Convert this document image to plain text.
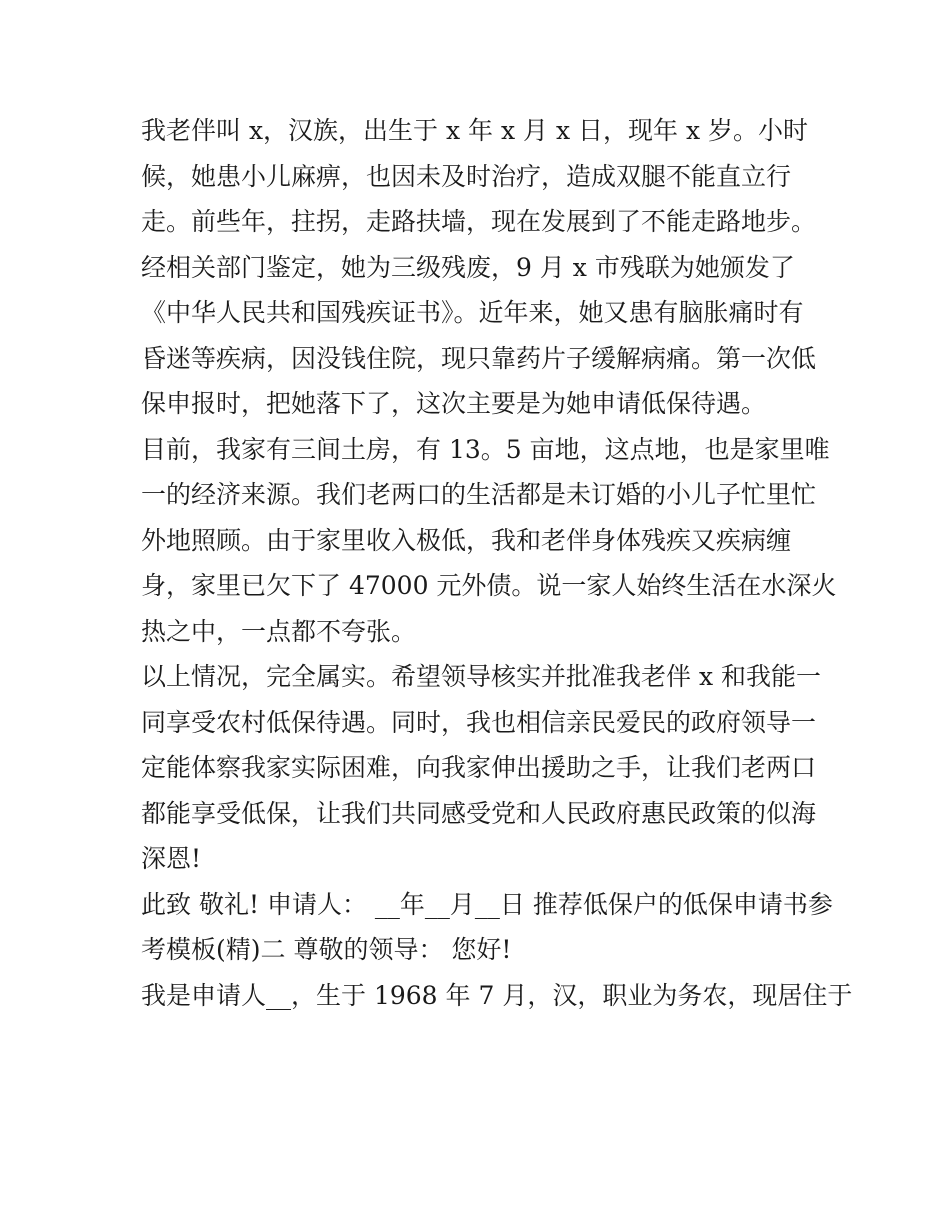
我老伴叫 x，汉族，出生于 x 年 x 月 x 日，现年 x 岁。小时
候，她患小儿麻痹，也因未及时治疗，造成双腿不能直立行
走。前些年，拄拐，走路扶墙，现在发展到了不能走路地步。
经相关部门鉴定，她为三级残废，9 月 x 市残联为她颁发了
《中华人民共和国残疾证书》。近年来，她又患有脑胀痛时有
昏迷等疾病，因没钱住院，现只靠药片子缓解病痛。第一次低
保申报时，把她落下了，这次主要是为她申请低保待遇。
目前，我家有三间土房，有 13。5 亩地，这点地，也是家里唯
一的经济来源。我们老两口的生活都是未订婚的小儿子忙里忙
外地照顾。由于家里收入极低，我和老伴身体残疾又疾病缠
身，家里已欠下了 47000 元外债。说一家人始终生活在水深火
热之中，一点都不夸张。
以上情况，完全属实。希望领导核实并批准我老伴 x 和我能一
同享受农村低保待遇。同时，我也相信亲民爱民的政府领导一
定能体察我家实际困难，向我家伸出援助之手，让我们老两口
都能享受低保，让我们共同感受党和人民政府惠民政策的似海
深恩!
此致 敬礼! 申请人： __年__月__日 推荐低保户的低保申请书参
考模板(精)二 尊敬的领导： 您好!
我是申请人__，生于 1968 年 7 月，汉，职业为务农，现居住于
